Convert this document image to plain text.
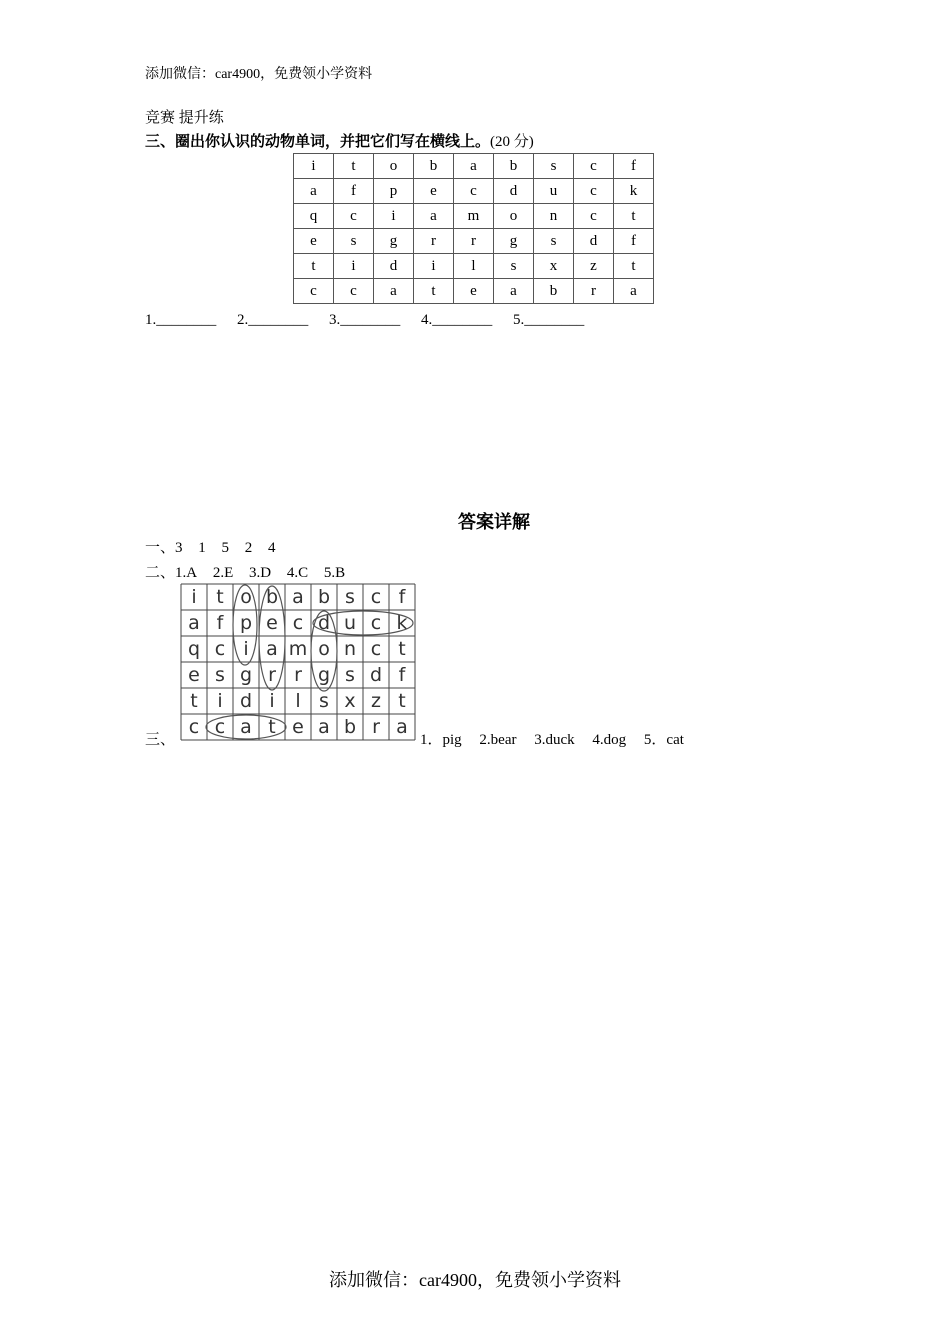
添加微信：car4900，免费领小学资料
竞赛 提升练
三、圈出你认识的动物单词，并把它们写在横线上。(20 分)
i	t	o	b	a	b	s	c	f
a	f	p	e	c	d	u	c	k
q	c	i	a	m	o	n	c	t
e	s	g	r	r	g	s	d	f
t	i	d	i	l	s	x	z	t
c	c	a	t	e	a	b	r	a
1.________ 2.________ 3.________ 4.________ 5.________
答案详解
一、3 1 5 2 4
二、1.A 2.E 3.D 4.C 5.B
三、
i t o b a b s c f
a f p e c d u c k
q c i a m o n c t
e s g r r g s d f
t i d i l s x z t
c c a t e a b r a
1．pig 2.bear 3.duck 4.dog 5．cat
添加微信：car4900，免费领小学资料
